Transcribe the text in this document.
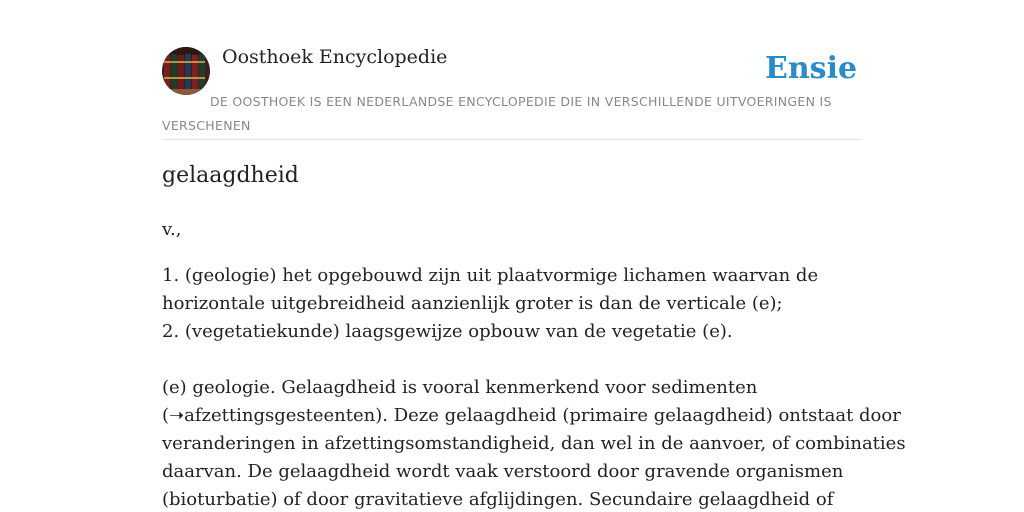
Oosthoek Encyclopedie	Ensie
DE OOSTHOEK IS EEN NEDERLANDSE ENCYCLOPEDIE DIE IN VERSCHILLENDE UITVOERINGEN IS VERSCHENEN
gelaagdheid

v.,

1. (geologie) het opgebouwd zijn uit plaatvormige lichamen waarvan de
horizontale uitgebreidheid aanzienlijk groter is dan de verticale (e);
2. (vegetatiekunde) laagsgewijze opbouw van de vegetatie (e).

(e) geologie. Gelaagdheid is vooral kenmerkend voor sedimenten
(➝afzettingsgesteenten). Deze gelaagdheid (primaire gelaagdheid) ontstaat door
veranderingen in afzettingsomstandigheid, dan wel in de aanvoer, of combinaties
daarvan. De gelaagdheid wordt vaak verstoord door gravende organismen
(bioturbatie) of door gravitatieve afglijdingen. Secundaire gelaagdheid of
